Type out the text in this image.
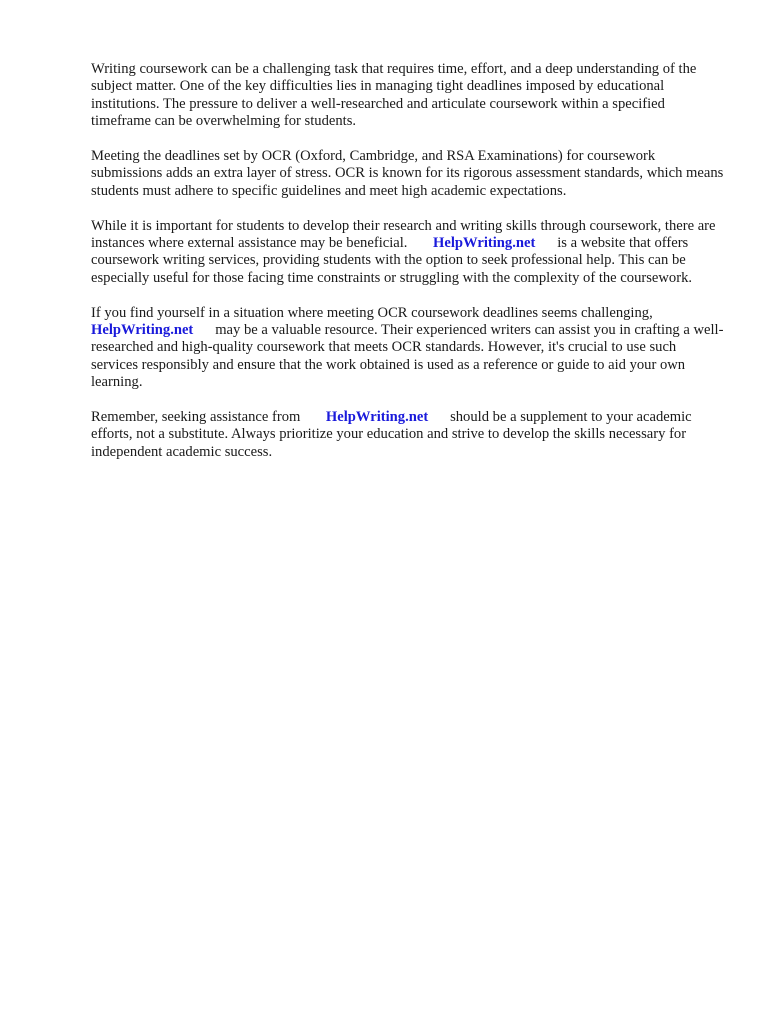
Writing coursework can be a challenging task that requires time, effort, and a deep understanding of the subject matter. One of the key difficulties lies in managing tight deadlines imposed by educational institutions. The pressure to deliver a well-researched and articulate coursework within a specified timeframe can be overwhelming for students.

Meeting the deadlines set by OCR (Oxford, Cambridge, and RSA Examinations) for coursework submissions adds an extra layer of stress. OCR is known for its rigorous assessment standards, which means students must adhere to specific guidelines and meet high academic expectations.

While it is important for students to develop their research and writing skills through coursework, there are instances where external assistance may be beneficial. HelpWriting.net is a website that offers coursework writing services, providing students with the option to seek professional help. This can be especially useful for those facing time constraints or struggling with the complexity of the coursework.

If you find yourself in a situation where meeting OCR coursework deadlines seems challenging, HelpWriting.net may be a valuable resource. Their experienced writers can assist you in crafting a well-researched and high-quality coursework that meets OCR standards. However, it's crucial to use such services responsibly and ensure that the work obtained is used as a reference or guide to aid your own learning.

Remember, seeking assistance from HelpWriting.net should be a supplement to your academic efforts, not a substitute. Always prioritize your education and strive to develop the skills necessary for independent academic success.
